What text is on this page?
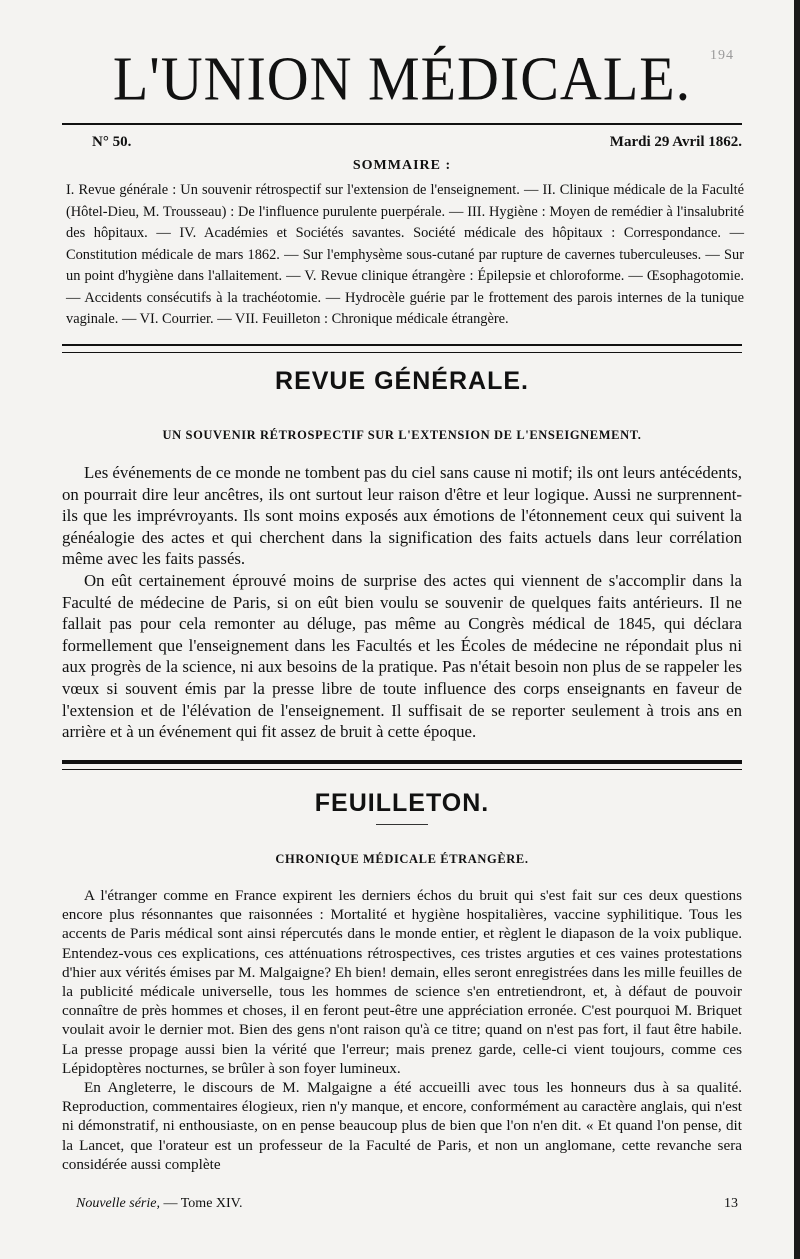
194
L'UNION MÉDICALE.
N° 50.	Mardi 29 Avril 1862.
SOMMAIRE :

I. Revue générale : Un souvenir rétrospectif sur l'extension de l'enseignement. — II. Clinique médicale de la Faculté (Hôtel-Dieu, M. Trousseau) : De l'influence purulente puerpérale. — III. Hygiène : Moyen de remédier à l'insalubrité des hôpitaux. — IV. Académies et Sociétés savantes. Société médicale des hôpitaux : Correspondance. — Constitution médicale de mars 1862. — Sur l'emphysème sous-cutané par rupture de cavernes tuberculeuses. — Sur un point d'hygiène dans l'allaitement. — V. Revue clinique étrangère : Épilepsie et chloroforme. — Œsophagotomie. — Accidents consécutifs à la trachéotomie. — Hydrocèle guérie par le frottement des parois internes de la tunique vaginale. — VI. Courrier. — VII. Feuilleton : Chronique médicale étrangère.

REVUE GÉNÉRALE.
UN SOUVENIR RÉTROSPECTIF SUR L'EXTENSION DE L'ENSEIGNEMENT.

Les événements de ce monde ne tombent pas du ciel sans cause ni motif; ils ont leurs antécédents, on pourrait dire leur ancêtres, ils ont surtout leur raison d'être et leur logique. Aussi ne surprennent-ils que les imprévroyants. Ils sont moins exposés aux émotions de l'étonnement ceux qui suivent la généalogie des actes et qui cherchent dans la signification des faits actuels dans leur corrélation même avec les faits passés.

On eût certainement éprouvé moins de surprise des actes qui viennent de s'accomplir dans la Faculté de médecine de Paris, si on eût bien voulu se souvenir de quelques faits antérieurs. Il ne fallait pas pour cela remonter au déluge, pas même au Congrès médical de 1845, qui déclara formellement que l'enseignement dans les Facultés et les Écoles de médecine ne répondait plus ni aux progrès de la science, ni aux besoins de la pratique. Pas n'était besoin non plus de se rappeler les vœux si souvent émis par la presse libre de toute influence des corps enseignants en faveur de l'extension et de l'élévation de l'enseignement. Il suffisait de se reporter seulement à trois ans en arrière et à un événement qui fit assez de bruit à cette époque.

FEUILLETON.
CHRONIQUE MÉDICALE ÉTRANGÈRE.

A l'étranger comme en France expirent les derniers échos du bruit qui s'est fait sur ces deux questions encore plus résonnantes que raisonnées : Mortalité et hygiène hospitalières, vaccine syphilitique. Tous les accents de Paris médical sont ainsi répercutés dans le monde entier, et règlent le diapason de la voix publique. Entendez-vous ces explications, ces atténuations rétrospectives, ces tristes arguties et ces vaines protestations d'hier aux vérités émises par M. Malgaigne? Eh bien! demain, elles seront enregistrées dans les mille feuilles de la publicité médicale universelle, tous les hommes de science s'en entretiendront, et, à défaut de pouvoir connaître de près hommes et choses, il en feront peut-être une appréciation erronée. C'est pourquoi M. Briquet voulait avoir le dernier mot. Bien des gens n'ont raison qu'à ce titre; quand on n'est pas fort, il faut être habile. La presse propage aussi bien la vérité que l'erreur; mais prenez garde, celle-ci vient toujours, comme ces Lépidoptères nocturnes, se brûler à son foyer lumineux.

En Angleterre, le discours de M. Malgaigne a été accueilli avec tous les honneurs dus à sa qualité. Reproduction, commentaires élogieux, rien n'y manque, et encore, conformément au caractère anglais, qui n'est ni démonstratif, ni enthousiaste, on en pense beaucoup plus de bien que l'on n'en dit. « Et quand l'on pense, dit la Lancet, que l'orateur est un professeur de la Faculté de Paris, et non un anglomane, cette revanche sera considérée aussi complète

Nouvelle série, — Tome XIV.	13
